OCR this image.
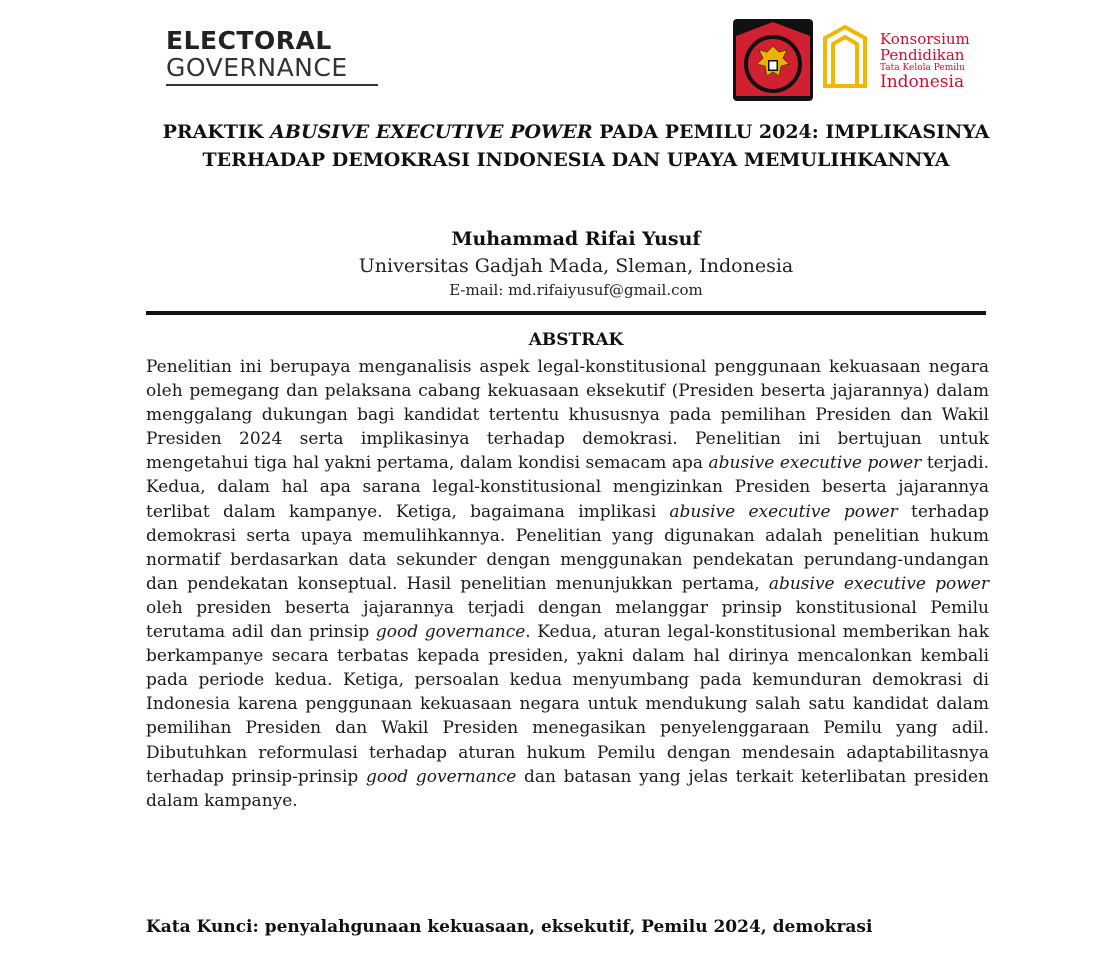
ELECTORAL
GOVERNANCE
Konsorsium
Pendidikan
Tata Kelola Pemilu
Indonesia
PRAKTIK ABUSIVE EXECUTIVE POWER PADA PEMILU 2024: IMPLIKASINYA TERHADAP DEMOKRASI INDONESIA DAN UPAYA MEMULIHKANNYA
Muhammad Rifai Yusuf
Universitas Gadjah Mada, Sleman, Indonesia
E-mail: md.rifaiyusuf@gmail.com
ABSTRAK
Penelitian ini berupaya menganalisis aspek legal-konstitusional penggunaan kekuasaan negara oleh pemegang dan pelaksana cabang kekuasaan eksekutif (Presiden beserta jajarannya) dalam menggalang dukungan bagi kandidat tertentu khususnya pada pemilihan Presiden dan Wakil Presiden 2024 serta implikasinya terhadap demokrasi. Penelitian ini bertujuan untuk mengetahui tiga hal yakni pertama, dalam kondisi semacam apa abusive executive power terjadi. Kedua, dalam hal apa sarana legal-konstitusional mengizinkan Presiden beserta jajarannya terlibat dalam kampanye. Ketiga, bagaimana implikasi abusive executive power terhadap demokrasi serta upaya memulihkannya. Penelitian yang digunakan adalah penelitian hukum normatif berdasarkan data sekunder dengan menggunakan pendekatan perundang-undangan dan pendekatan konseptual. Hasil penelitian menunjukkan pertama, abusive executive power oleh presiden beserta jajarannya terjadi dengan melanggar prinsip konstitusional Pemilu terutama adil dan prinsip good governance. Kedua, aturan legal-konstitusional memberikan hak berkampanye secara terbatas kepada presiden, yakni dalam hal dirinya mencalonkan kembali pada periode kedua. Ketiga, persoalan kedua menyumbang pada kemunduran demokrasi di Indonesia karena penggunaan kekuasaan negara untuk mendukung salah satu kandidat dalam pemilihan Presiden dan Wakil Presiden menegasikan penyelenggaraan Pemilu yang adil. Dibutuhkan reformulasi terhadap aturan hukum Pemilu dengan mendesain adaptabilitasnya terhadap prinsip-prinsip good governance dan batasan yang jelas terkait keterlibatan presiden dalam kampanye.
Kata Kunci: penyalahgunaan kekuasaan, eksekutif, Pemilu 2024, demokrasi
